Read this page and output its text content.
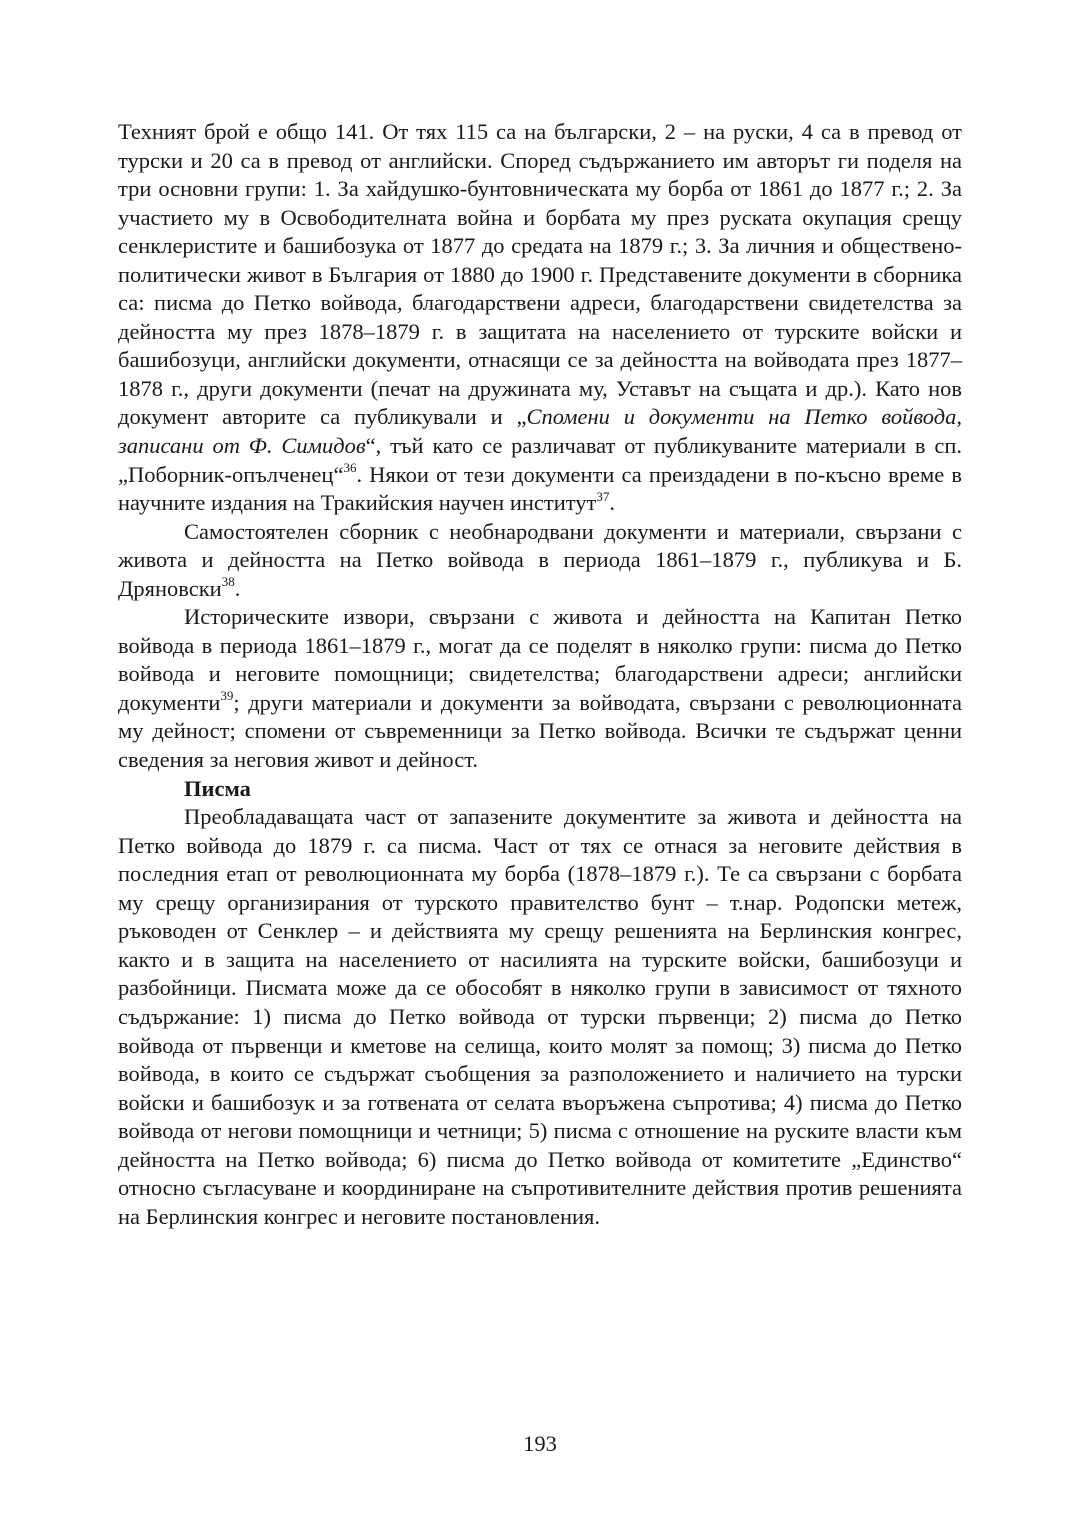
Техният брой е общо 141. От тях 115 са на български, 2 – на руски, 4 са в превод от турски и 20 са в превод от английски. Според съдържанието им авторът ги поделя на три основни групи: 1. За хайдушко-бунтовническата му борба от 1861 до 1877 г.; 2. За участието му в Освободителната война и борбата му през руската окупация срещу сенклеристите и башибозука от 1877 до средата на 1879 г.; 3. За личния и обществено-политически живот в България от 1880 до 1900 г. Представените документи в сборника са: писма до Петко войвода, благодарствени адреси, благодарствени свидетелства за дейността му през 1878–1879 г. в защитата на населението от турските войски и башибозуци, английски документи, отнасящи се за дейността на войводата през 1877–1878 г., други документи (печат на дружината му, Уставът на същата и др.). Като нов документ авторите са публикували и „Спомени и документи на Петко войвода, записани от Ф. Симидов“, тъй като се различават от публикуваните материали в сп. „Поборник-опълченец“$^{36}$. Някои от тези документи са преиздадени в по-късно време в научните издания на Тракийския научен институт$^{37}$.

Самостоятелен сборник с необнародвани документи и материали, свързани с живота и дейността на Петко войвода в периода 1861–1879 г., публикува и Б. Дряновски$^{38}$.

Историческите извори, свързани с живота и дейността на Капитан Петко войвода в периода 1861–1879 г., могат да се поделят в няколко групи: писма до Петко войвода и неговите помощници; свидетелства; благодарствени адреси; английски документи$^{39}$; други материали и документи за войводата, свързани с революционната му дейност; спомени от съвременници за Петко войвода. Всички те съдържат ценни сведения за неговия живот и дейност.

Писма

Преобладаващата част от запазените документите за живота и дейността на Петко войвода до 1879 г. са писма. Част от тях се отнася за неговите действия в последния етап от революционната му борба (1878–1879 г.). Те са свързани с борбата му срещу организирания от турското правителство бунт – т.нар. Родопски метеж, ръководен от Сенклер – и действията му срещу решенията на Берлинския конгрес, както и в защита на населението от насилията на турските войски, башибозуци и разбойници. Писмата може да се обособят в няколко групи в зависимост от тяхното съдържание: 1) писма до Петко войвода от турски първенци; 2) писма до Петко войвода от първенци и кметове на селища, които молят за помощ; 3) писма до Петко войвода, в които се съдържат съобщения за разположението и наличието на турски войски и башибозук и за готвената от селата въоръжена съпротива; 4) писма до Петко войвода от негови помощници и четници; 5) писма с отношение на руските власти към дейността на Петко войвода; 6) писма до Петко войвода от комитетите „Единство“ относно съгласуване и координиране на съпротивителните действия против решенията на Берлинския конгрес и неговите постановления.

193
